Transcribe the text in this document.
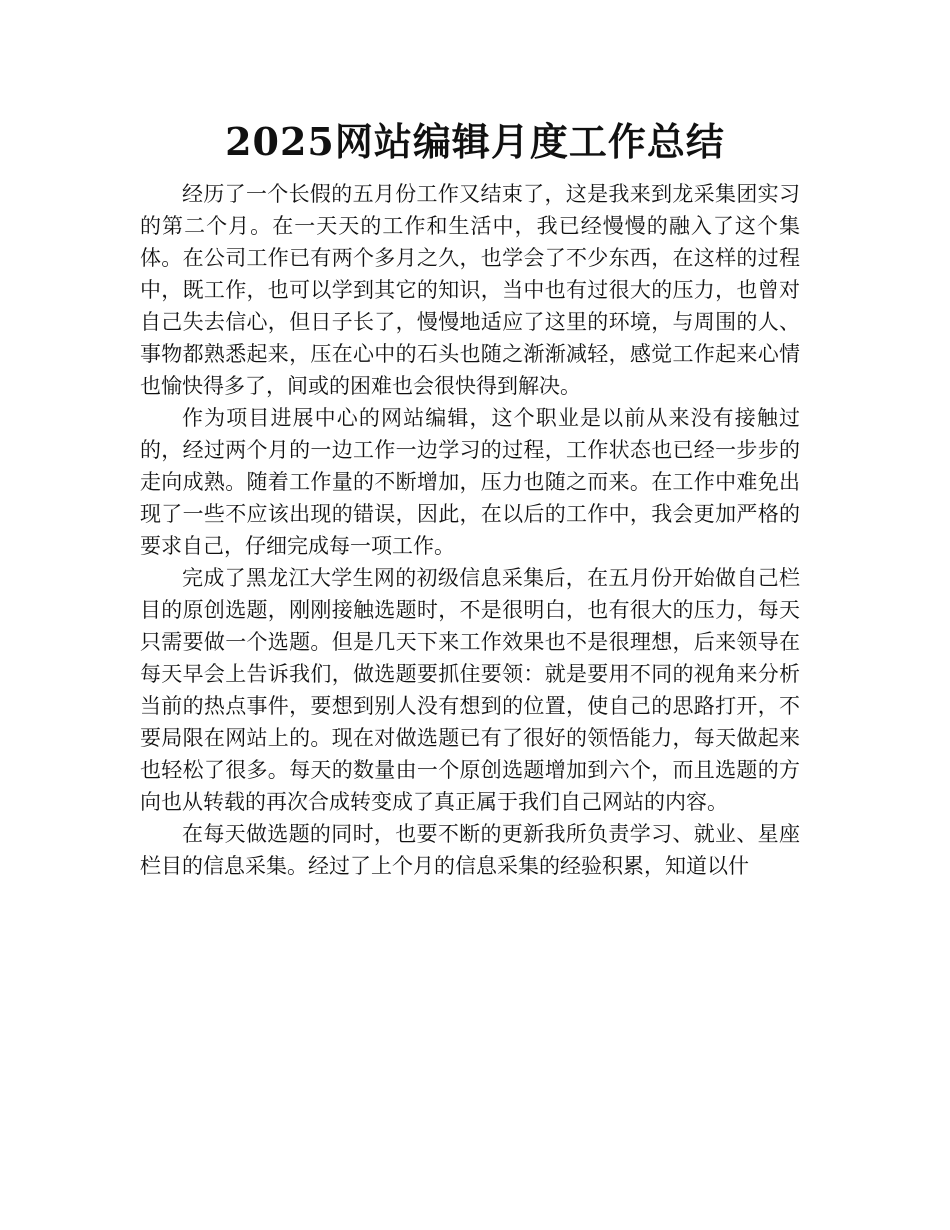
2025网站编辑月度工作总结

经历了一个长假的五月份工作又结束了，这是我来到龙采集团实习的第二个月。在一天天的工作和生活中，我已经慢慢的融入了这个集体。在公司工作已有两个多月之久，也学会了不少东西，在这样的过程中，既工作，也可以学到其它的知识，当中也有过很大的压力，也曾对自己失去信心，但日子长了，慢慢地适应了这里的环境，与周围的人、事物都熟悉起来，压在心中的石头也随之渐渐减轻，感觉工作起来心情也愉快得多了，间或的困难也会很快得到解决。

作为项目进展中心的网站编辑，这个职业是以前从来没有接触过的，经过两个月的一边工作一边学习的过程，工作状态也已经一步步的走向成熟。随着工作量的不断增加，压力也随之而来。在工作中难免出现了一些不应该出现的错误，因此，在以后的工作中，我会更加严格的要求自己，仔细完成每一项工作。

完成了黑龙江大学生网的初级信息采集后，在五月份开始做自己栏目的原创选题，刚刚接触选题时，不是很明白，也有很大的压力，每天只需要做一个选题。但是几天下来工作效果也不是很理想，后来领导在每天早会上告诉我们，做选题要抓住要领：就是要用不同的视角来分析当前的热点事件，要想到别人没有想到的位置，使自己的思路打开，不要局限在网站上的。现在对做选题已有了很好的领悟能力，每天做起来也轻松了很多。每天的数量由一个原创选题增加到六个，而且选题的方向也从转载的再次合成转变成了真正属于我们自己网站的内容。

在每天做选题的同时，也要不断的更新我所负责学习、就业、星座栏目的信息采集。经过了上个月的信息采集的经验积累，知道以什
